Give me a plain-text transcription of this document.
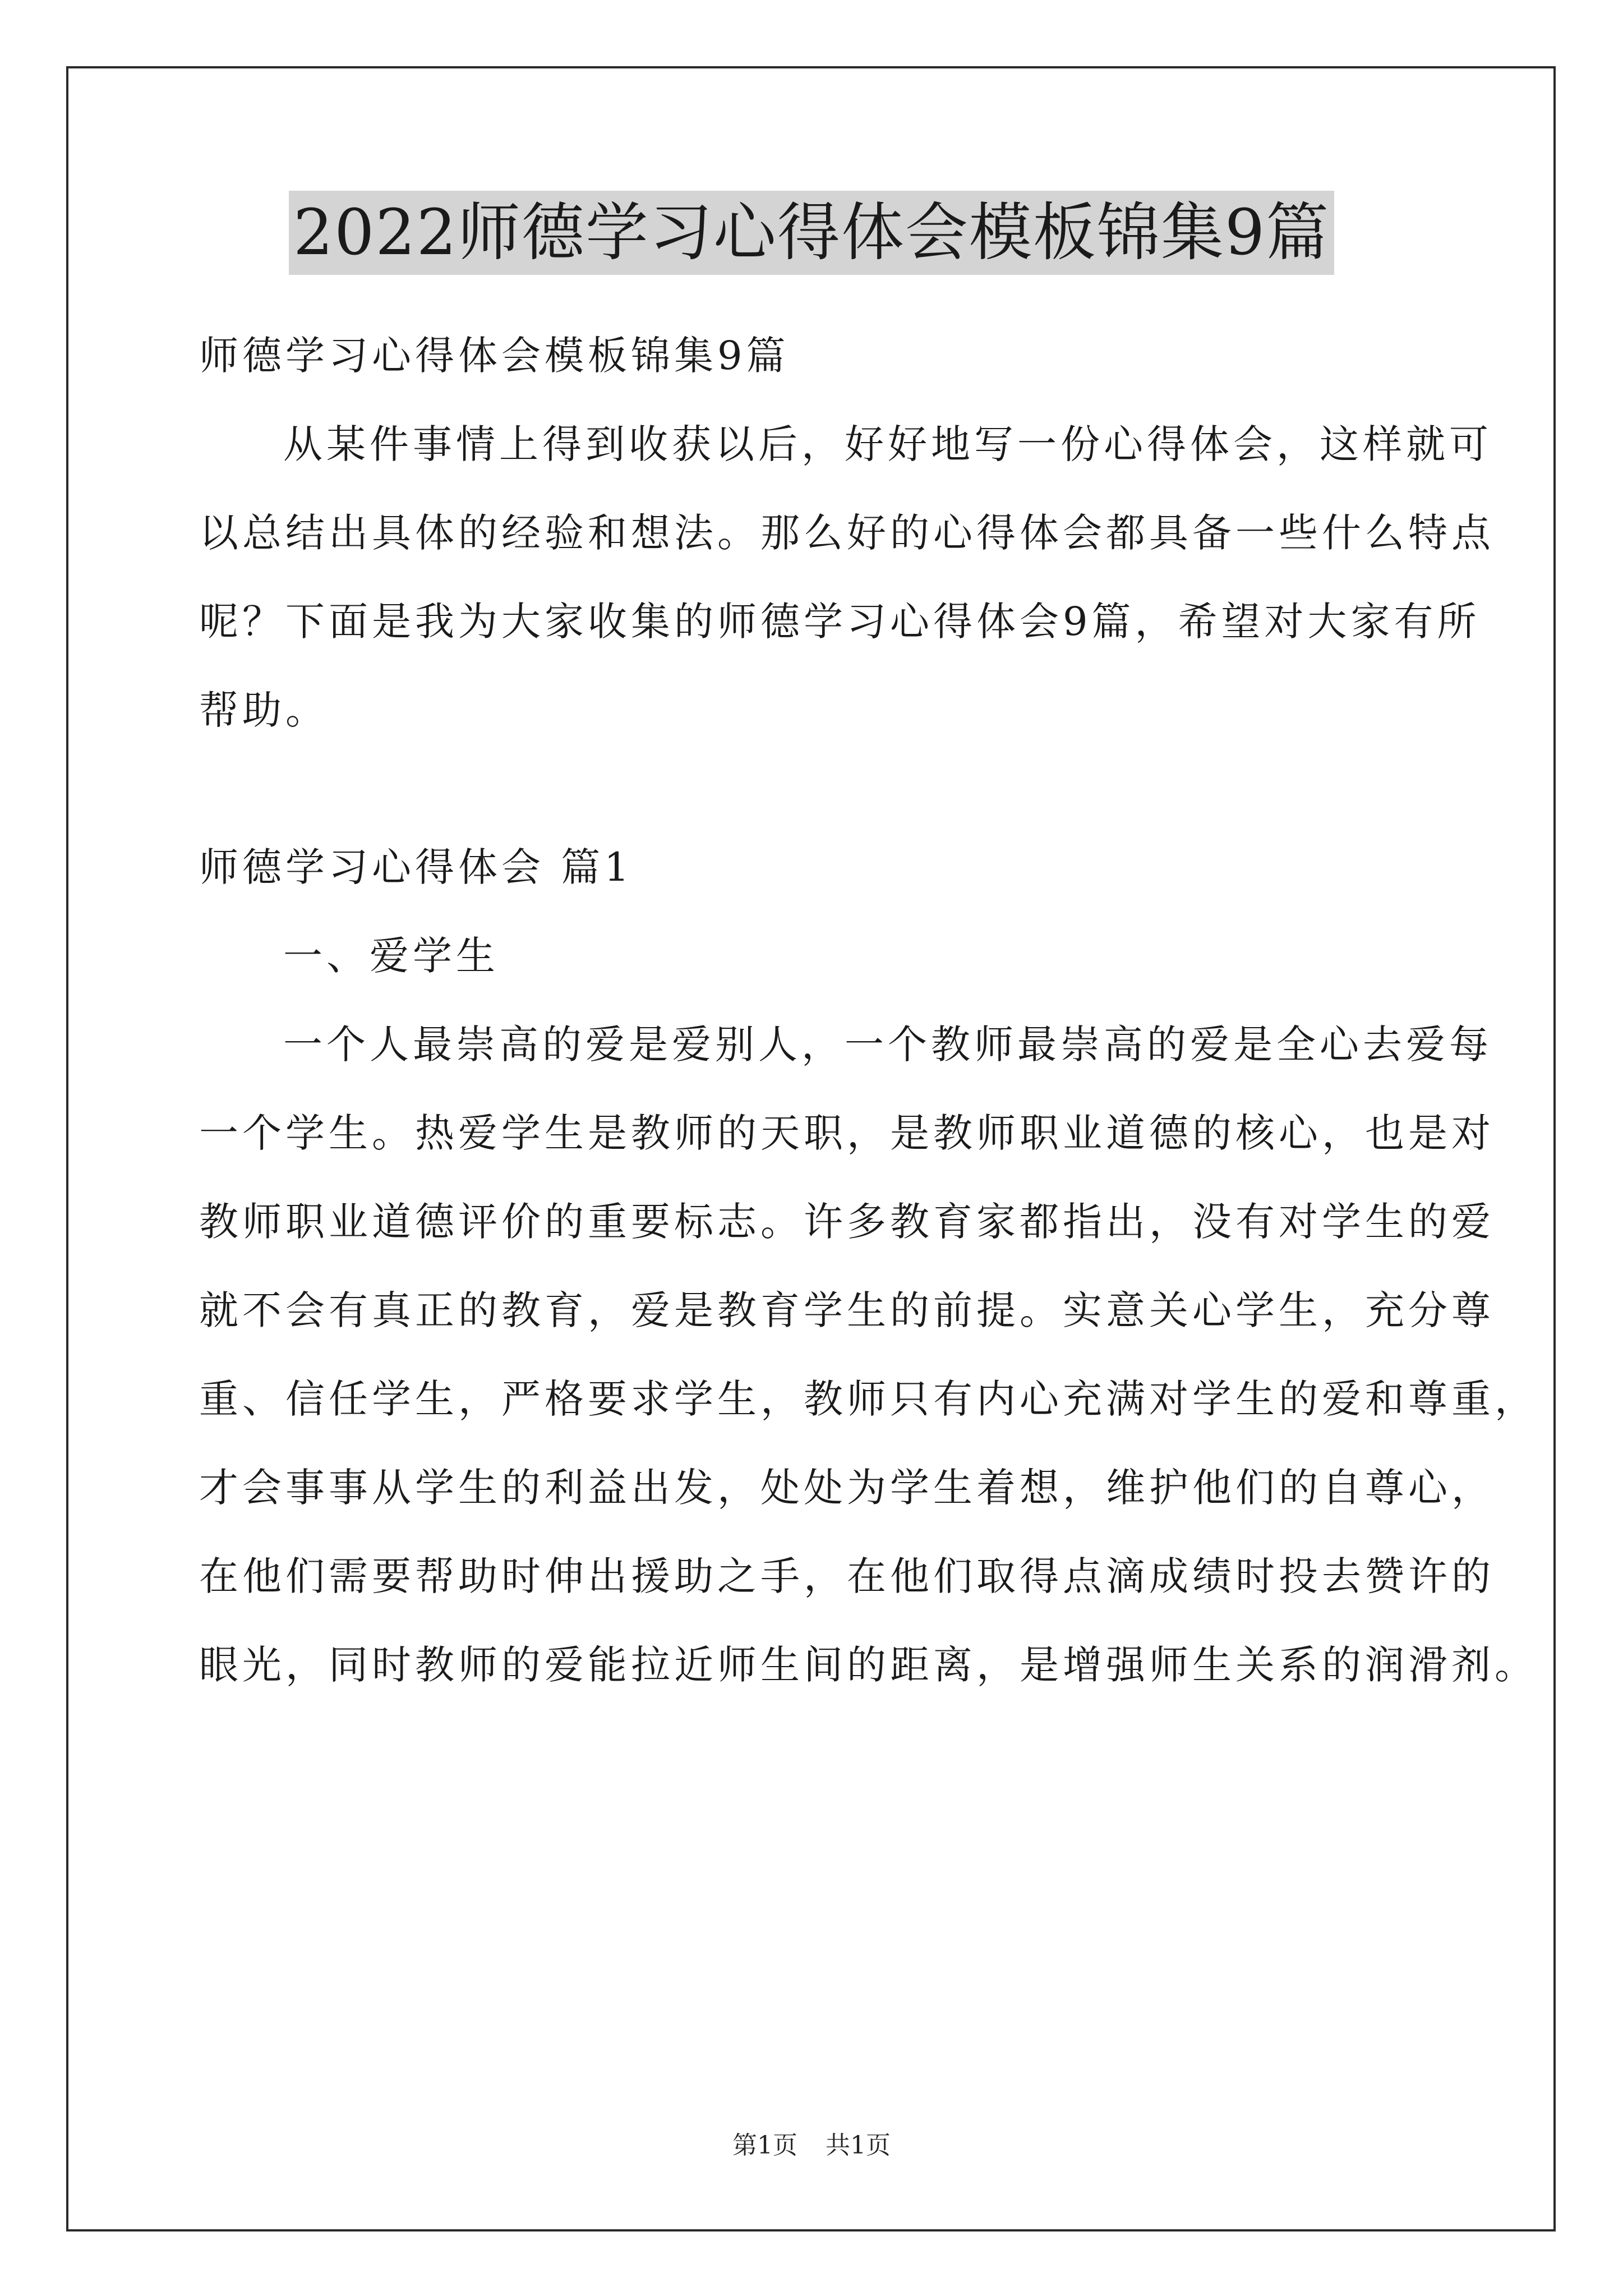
2022师德学习心得体会模板锦集9篇
师德学习心得体会模板锦集9篇
从某件事情上得到收获以后，好好地写一份心得体会，这样就可
以总结出具体的经验和想法。那么好的心得体会都具备一些什么特点
呢？下面是我为大家收集的师德学习心得体会9篇，希望对大家有所
帮助。
师德学习心得体会 篇1
一、爱学生
一个人最崇高的爱是爱别人，一个教师最崇高的爱是全心去爱每
一个学生。热爱学生是教师的天职，是教师职业道德的核心，也是对
教师职业道德评价的重要标志。许多教育家都指出，没有对学生的爱
就不会有真正的教育，爱是教育学生的前提。实意关心学生，充分尊
重、信任学生，严格要求学生，教师只有内心充满对学生的爱和尊重，
才会事事从学生的利益出发，处处为学生着想，维护他们的自尊心，
在他们需要帮助时伸出援助之手，在他们取得点滴成绩时投去赞许的
眼光，同时教师的爱能拉近师生间的距离，是增强师生关系的润滑剂。
第1页 共1页
